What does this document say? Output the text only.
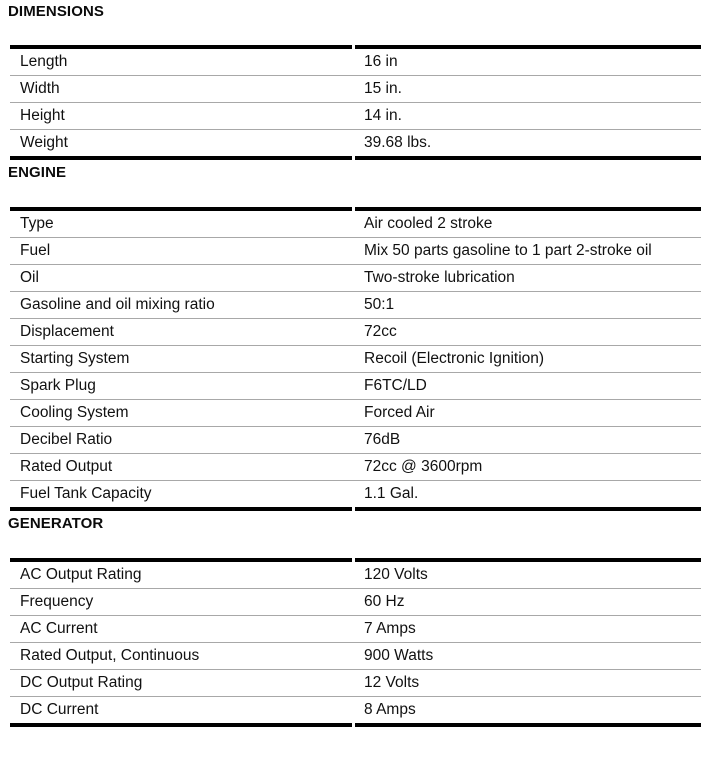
DIMENSIONS
Length	16 in
Width	15 in.
Height	14 in.
Weight	39.68 lbs.
ENGINE
Type	Air cooled 2 stroke
Fuel	Mix 50 parts gasoline to 1 part 2-stroke oil
Oil	Two-stroke lubrication
Gasoline and oil mixing ratio	50:1
Displacement	72cc
Starting System	Recoil (Electronic Ignition)
Spark Plug	F6TC/LD
Cooling System	Forced Air
Decibel Ratio	76dB
Rated Output	72cc @ 3600rpm
Fuel Tank Capacity	1.1 Gal.
GENERATOR
AC Output Rating	120 Volts
Frequency	60 Hz
AC Current	7 Amps
Rated Output, Continuous	900 Watts
DC Output Rating	12 Volts
DC Current	8 Amps
